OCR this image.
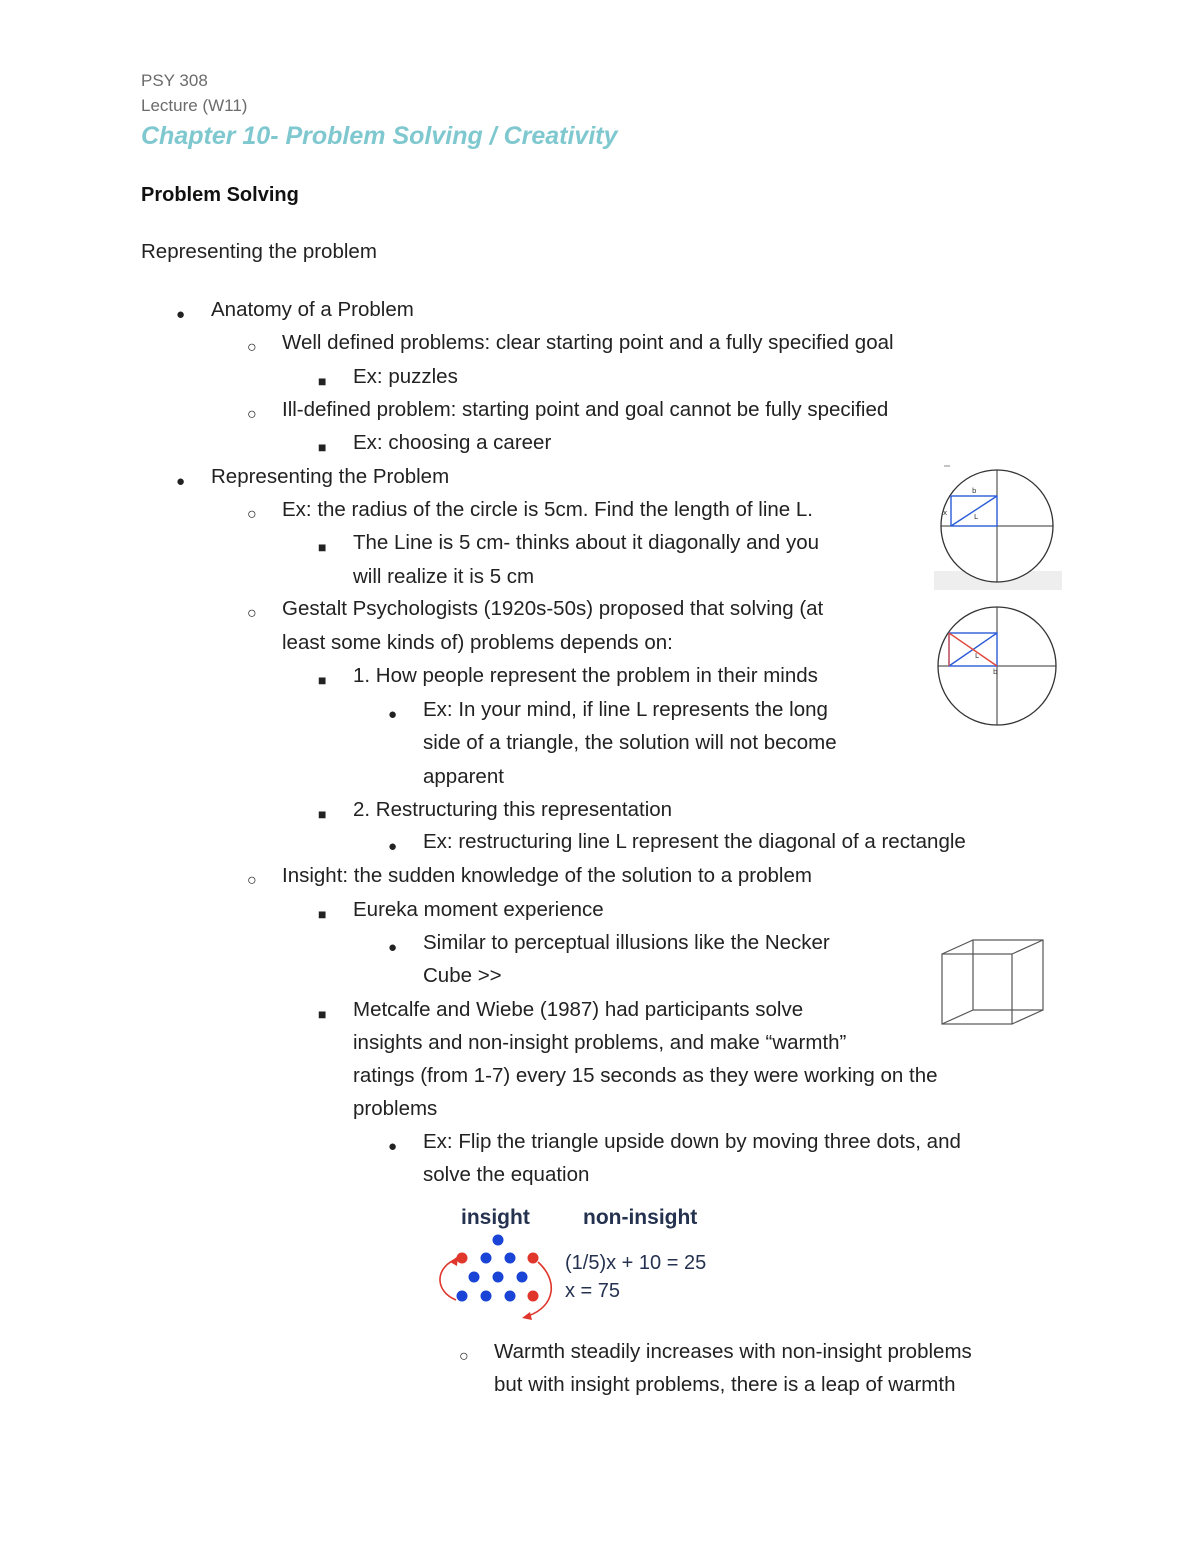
PSY 308
Lecture (W11)
Chapter 10- Problem Solving / Creativity
Problem Solving
Representing the problem
●
○
■
○
■
●
○
■
○
■
●
■
●
○
■
●
■
●
○
Anatomy of a Problem
Well defined problems: clear starting point and a fully specified goal
Ex: puzzles
Ill-defined problem: starting point and goal cannot be fully specified
Ex: choosing a career
Representing the Problem
Ex: the radius of the circle is 5cm. Find the length of line L.
The Line is 5 cm- thinks about it diagonally and you
will realize it is 5 cm
Gestalt Psychologists (1920s-50s) proposed that solving (at
least some kinds of) problems depends on:
1. How people represent the problem in their minds
Ex: In your mind, if line L represents the long
side of a triangle, the solution will not become
apparent
2. Restructuring this representation
Ex: restructuring line L represent the diagonal of a rectangle
Insight: the sudden knowledge of the solution to a problem
Eureka moment experience
Similar to perceptual illusions like the Necker
Cube >>
Metcalfe and Wiebe (1987) had participants solve
insights and non-insight problems, and make “warmth”
ratings (from 1-7) every 15 seconds as they were working on the
problems
Ex: Flip the triangle upside down by moving three dots, and
solve the equation
Warmth steadily increases with non-insight problems
but with insight problems, there is a leap of warmth
b
x	L
L
b
insight	non-insight
(1/5)x + 10 = 25
x = 75
